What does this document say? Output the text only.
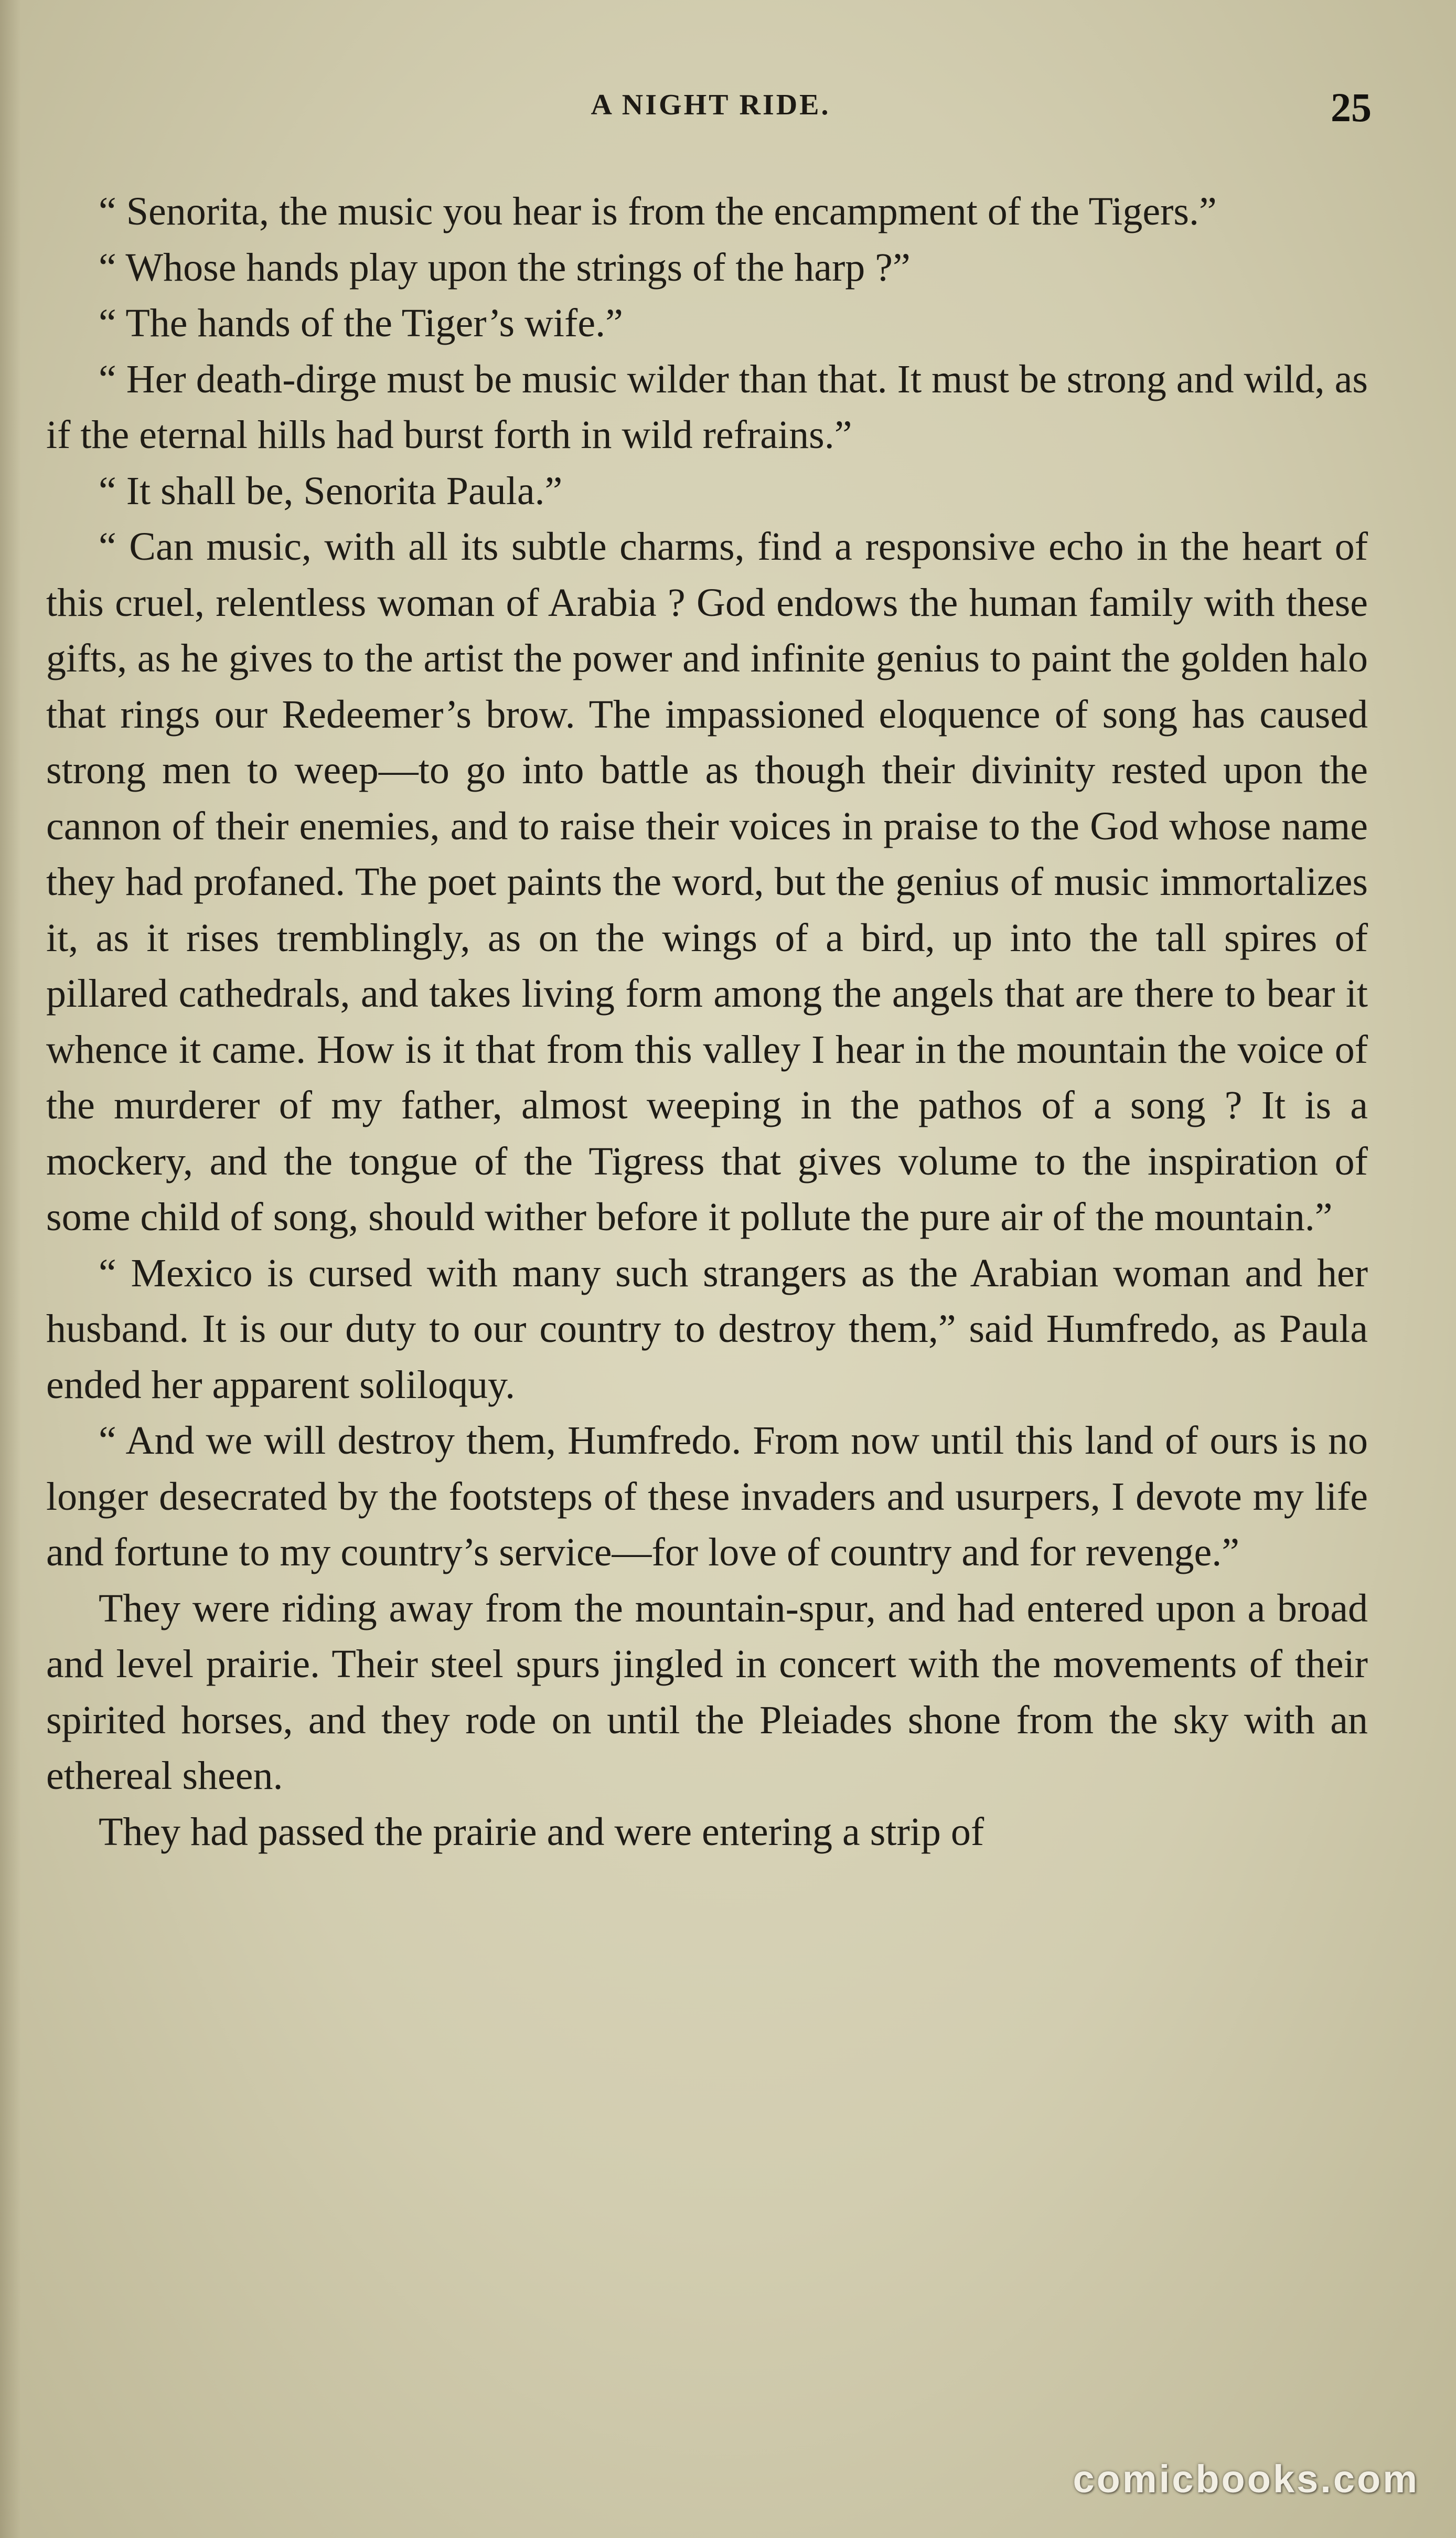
A NIGHT RIDE.	25

“ Senorita, the music you hear is from the encampment of the Tigers.”

“ Whose hands play upon the strings of the harp ?”

“ The hands of the Tiger’s wife.”

“ Her death-dirge must be music wilder than that. It must be strong and wild, as if the eternal hills had burst forth in wild refrains.”

“ It shall be, Senorita Paula.”

“ Can music, with all its subtle charms, find a responsive echo in the heart of this cruel, relentless woman of Arabia ? God endows the human family with these gifts, as he gives to the artist the power and infinite genius to paint the golden halo that rings our Redeemer’s brow. The impassioned eloquence of song has caused strong men to weep—to go into battle as though their divinity rested upon the cannon of their enemies, and to raise their voices in praise to the God whose name they had profaned. The poet paints the word, but the genius of music immortalizes it, as it rises tremblingly, as on the wings of a bird, up into the tall spires of pillared cathedrals, and takes living form among the angels that are there to bear it whence it came. How is it that from this valley I hear in the mountain the voice of the murderer of my father, almost weeping in the pathos of a song ? It is a mockery, and the tongue of the Tigress that gives volume to the inspiration of some child of song, should wither before it pollute the pure air of the mountain.”

“ Mexico is cursed with many such strangers as the Arabian woman and her husband. It is our duty to our country to destroy them,” said Humfredo, as Paula ended her apparent soliloquy.

“ And we will destroy them, Humfredo. From now until this land of ours is no longer desecrated by the footsteps of these invaders and usurpers, I devote my life and fortune to my country’s service—for love of country and for revenge.”

They were riding away from the mountain-spur, and had entered upon a broad and level prairie. Their steel spurs jingled in concert with the movements of their spirited horses, and they rode on until the Pleiades shone from the sky with an ethereal sheen.

They had passed the prairie and were entering a strip of

comicbooks.com
